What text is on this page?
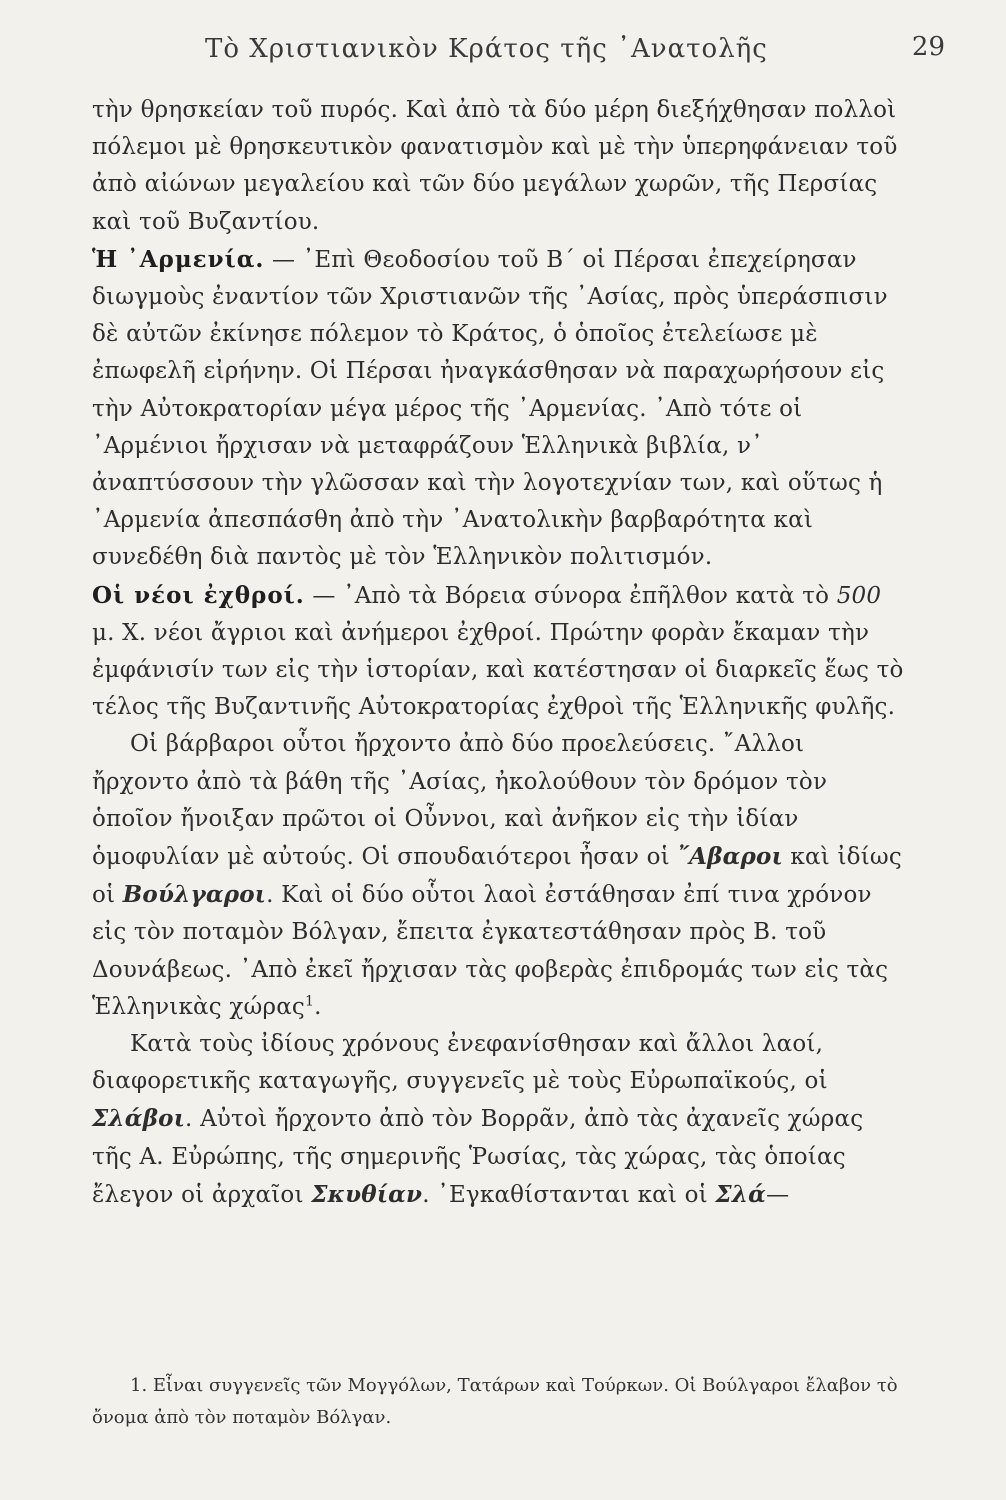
Τὸ Χριστιανικὸν Κράτος τῆς ᾿Ανατολῆς	29

τὴν θρησκείαν τοῦ πυρός. Καὶ ἀπὸ τὰ δύο μέρη διεξήχθησαν πολλοὶ πόλεμοι μὲ θρησκευτικὸν φανατισμὸν καὶ μὲ τὴν ὑπερηφάνειαν τοῦ ἀπὸ αἰώνων μεγαλείου καὶ τῶν δύο μεγάλων χωρῶν, τῆς Περσίας καὶ τοῦ Βυζαντίου.

Ἡ ᾿Αρμενία. — ᾿Επὶ Θεοδοσίου τοῦ Β΄ οἱ Πέρσαι ἐπεχείρησαν διωγμοὺς ἐναντίον τῶν Χριστιανῶν τῆς ᾿Ασίας, πρὸς ὑπεράσπισιν δὲ αὐτῶν ἐκίνησε πόλεμον τὸ Κράτος, ὁ ὁποῖος ἐτελείωσε μὲ ἐπωφελῆ εἰρήνην. Οἱ Πέρσαι ἠναγκάσθησαν νὰ παραχωρήσουν εἰς τὴν Αὐτοκρατορίαν μέγα μέρος τῆς ᾿Αρμενίας. ᾿Απὸ τότε οἱ ᾿Αρμένιοι ἤρχισαν νὰ μεταφράζουν Ἑλληνικὰ βιβλία, ν᾿ ἀναπτύσσουν τὴν γλῶσσαν καὶ τὴν λογοτεχνίαν των, καὶ οὕτως ἡ ᾿Αρμενία ἀπεσπάσθη ἀπὸ τὴν ᾿Ανατολικὴν βαρβαρότητα καὶ συνεδέθη διὰ παντὸς μὲ τὸν Ἑλληνικὸν πολιτισμόν.

Οἱ νέοι ἐχθροί. — ᾿Απὸ τὰ Βόρεια σύνορα ἐπῆλθον κατὰ τὸ 500 μ. Χ. νέοι ἄγριοι καὶ ἀνήμεροι ἐχθροί. Πρώτην φορὰν ἔκαμαν τὴν ἐμφάνισίν των εἰς τὴν ἱστορίαν, καὶ κατέστησαν οἱ διαρκεῖς ἕως τὸ τέλος τῆς Βυζαντινῆς Αὐτοκρατορίας ἐχθροὶ τῆς Ἑλληνικῆς φυλῆς.

Οἱ βάρβαροι οὗτοι ἤρχοντο ἀπὸ δύο προελεύσεις. ῎Αλλοι ἤρχοντο ἀπὸ τὰ βάθη τῆς ᾿Ασίας, ἠκολούθουν τὸν δρόμον τὸν ὁποῖον ἤνοιξαν πρῶτοι οἱ Οὖννοι, καὶ ἀνῆκον εἰς τὴν ἰδίαν ὁμοφυλίαν μὲ αὐτούς. Οἱ σπουδαιότεροι ἦσαν οἱ ῎Αβαροι καὶ ἰδίως οἱ Βούλγαροι. Καὶ οἱ δύο οὗτοι λαοὶ ἐστάθησαν ἐπί τινα χρόνον εἰς τὸν ποταμὸν Βόλγαν, ἔπειτα ἐγκατεστάθησαν πρὸς Β. τοῦ Δουνάβεως. ᾿Απὸ ἐκεῖ ἤρχισαν τὰς φοβερὰς ἐπιδρομάς των εἰς τὰς Ἑλληνικὰς χώρας$^1$.

Κατὰ τοὺς ἰδίους χρόνους ἐνεφανίσθησαν καὶ ἄλλοι λαοί, διαφορετικῆς καταγωγῆς, συγγενεῖς μὲ τοὺς Εὐρωπαϊκούς, οἱ Σλάβοι. Αὐτοὶ ἤρχοντο ἀπὸ τὸν Βορρᾶν, ἀπὸ τὰς ἀχανεῖς χώρας τῆς Α. Εὐρώπης, τῆς σημερινῆς Ῥωσίας, τὰς χώρας, τὰς ὁποίας ἔλεγον οἱ ἀρχαῖοι Σκυθίαν. ᾿Εγκαθίστανται καὶ οἱ Σλά—

1. Εἶναι συγγενεῖς τῶν Μογγόλων, Τατάρων καὶ Τούρκων. Οἱ Βούλγαροι ἔλαβον τὸ ὄνομα ἀπὸ τὸν ποταμὸν Βόλγαν.
